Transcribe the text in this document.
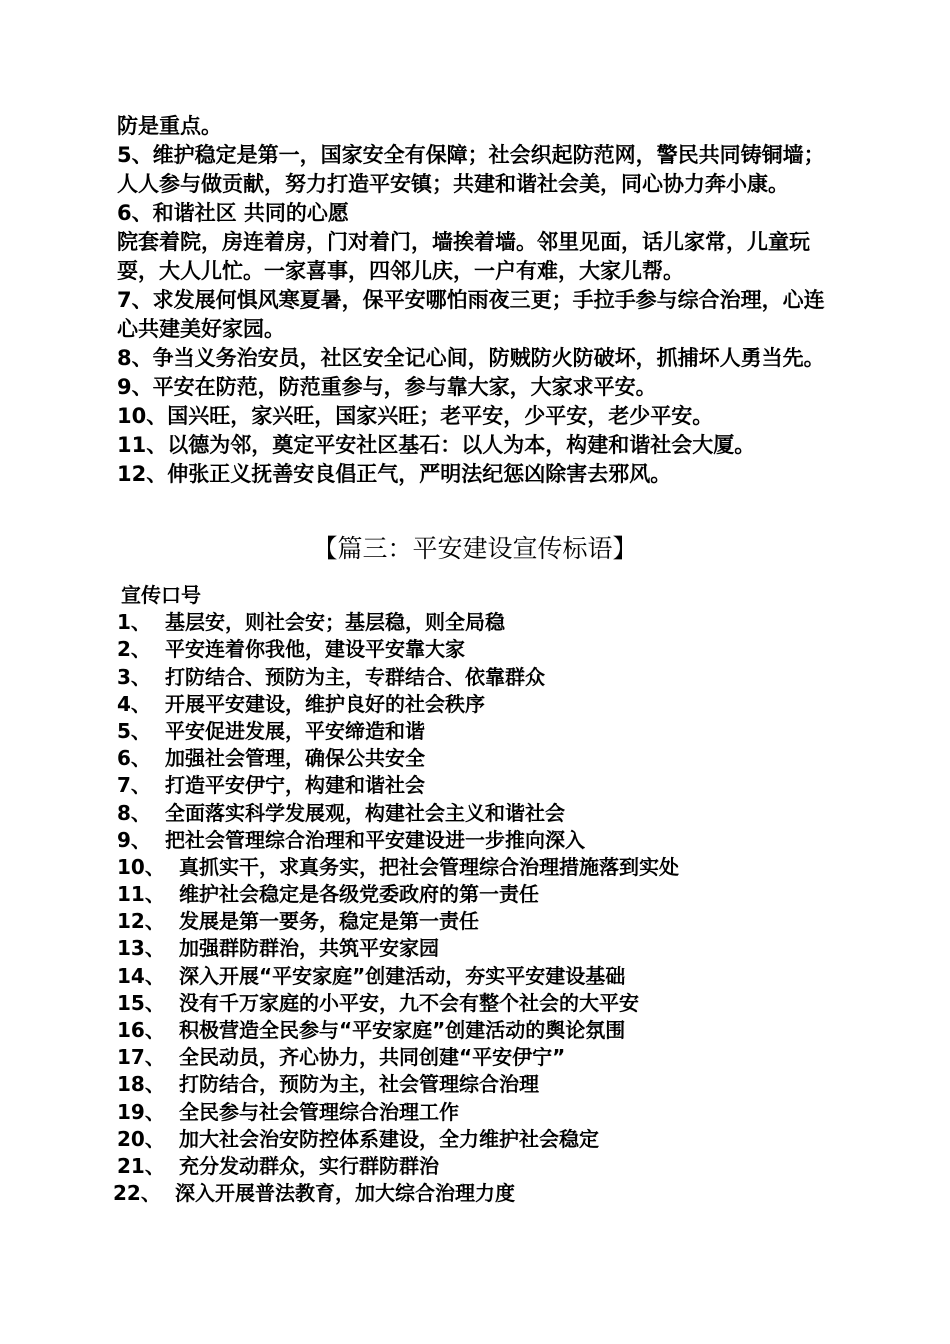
防是重点。
5、维护稳定是第一，国家安全有保障；社会织起防范网，警民共同铸铜墙；人人参与做贡献，努力打造平安镇；共建和谐社会美，同心协力奔小康。
6、和谐社区 共同的心愿
院套着院，房连着房，门对着门，墙挨着墙。邻里见面，话儿家常，儿童玩耍，大人儿忙。一家喜事，四邻儿庆，一户有难，大家儿帮。
7、求发展何惧风寒夏暑，保平安哪怕雨夜三更；手拉手参与综合治理，心连心共建美好家园。
8、争当义务治安员，社区安全记心间，防贼防火防破坏，抓捕坏人勇当先。
9、平安在防范，防范重参与，参与靠大家，大家求平安。
10、国兴旺，家兴旺，国家兴旺；老平安，少平安，老少平安。
11、以德为邻，奠定平安社区基石：以人为本，构建和谐社会大厦。
12、伸张正义抚善安良倡正气，严明法纪惩凶除害去邪风。
【篇三：平安建设宣传标语】
宣传口号
1、 基层安，则社会安；基层稳，则全局稳
2、 平安连着你我他，建设平安靠大家
3、 打防结合、预防为主，专群结合、依靠群众
4、 开展平安建设，维护良好的社会秩序
5、 平安促进发展，平安缔造和谐
6、 加强社会管理，确保公共安全
7、 打造平安伊宁，构建和谐社会
8、 全面落实科学发展观，构建社会主义和谐社会
9、 把社会管理综合治理和平安建设进一步推向深入
10、 真抓实干，求真务实，把社会管理综合治理措施落到实处
11、 维护社会稳定是各级党委政府的第一责任
12、 发展是第一要务，稳定是第一责任
13、 加强群防群治，共筑平安家园
14、 深入开展“平安家庭”创建活动，夯实平安建设基础
15、 没有千万家庭的小平安，九不会有整个社会的大平安
16、 积极营造全民参与“平安家庭”创建活动的舆论氛围
17、 全民动员，齐心协力，共同创建“平安伊宁”
18、 打防结合，预防为主，社会管理综合治理
19、 全民参与社会管理综合治理工作
20、 加大社会治安防控体系建设，全力维护社会稳定
21、 充分发动群众，实行群防群治
22、 深入开展普法教育，加大综合治理力度
